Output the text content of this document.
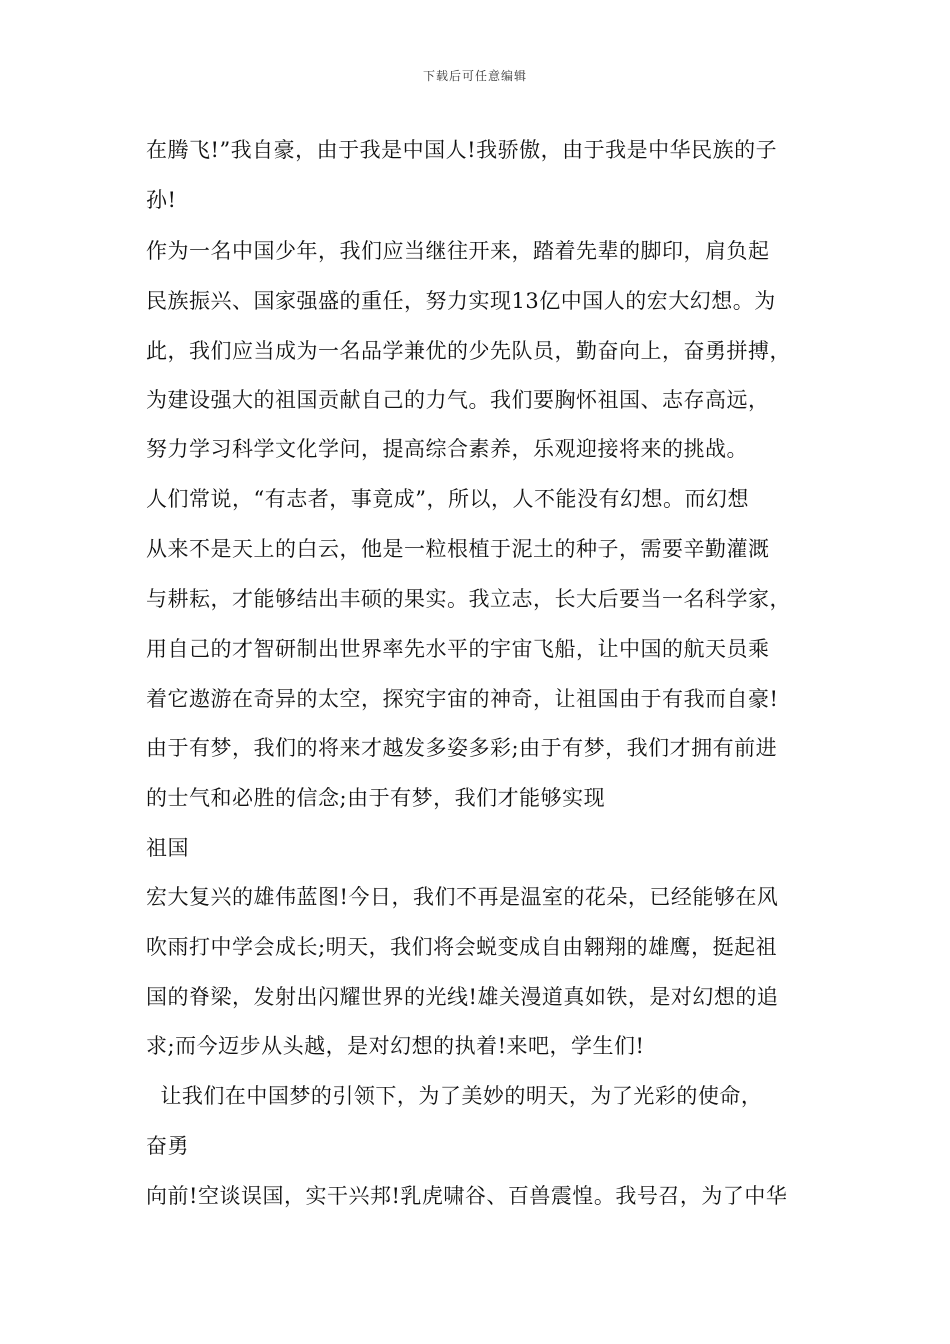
下载后可任意编辑
在腾飞!”我自豪，由于我是中国人!我骄傲，由于我是中华民族的子
孙!
作为一名中国少年，我们应当继往开来，踏着先辈的脚印，肩负起
民族振兴、国家强盛的重任，努力实现13亿中国人的宏大幻想。为
此，我们应当成为一名品学兼优的少先队员，勤奋向上，奋勇拼搏，
为建设强大的祖国贡献自己的力气。我们要胸怀祖国、志存高远，
努力学习科学文化学问，提高综合素养，乐观迎接将来的挑战。
人们常说，“有志者，事竟成”，所以，人不能没有幻想。而幻想
从来不是天上的白云，他是一粒根植于泥土的种子，需要辛勤灌溉
与耕耘，才能够结出丰硕的果实。我立志，长大后要当一名科学家，
用自己的才智研制出世界率先水平的宇宙飞船，让中国的航天员乘
着它遨游在奇异的太空，探究宇宙的神奇，让祖国由于有我而自豪!
由于有梦，我们的将来才越发多姿多彩;由于有梦，我们才拥有前进
的士气和必胜的信念;由于有梦，我们才能够实现
祖国
宏大复兴的雄伟蓝图!今日，我们不再是温室的花朵，已经能够在风
吹雨打中学会成长;明天，我们将会蜕变成自由翱翔的雄鹰，挺起祖
国的脊梁，发射出闪耀世界的光线!雄关漫道真如铁，是对幻想的追
求;而今迈步从头越，是对幻想的执着!来吧，学生们!
让我们在中国梦的引领下，为了美妙的明天，为了光彩的使命，
奋勇
向前!空谈误国，实干兴邦!乳虎啸谷、百兽震惶。我号召，为了中华
